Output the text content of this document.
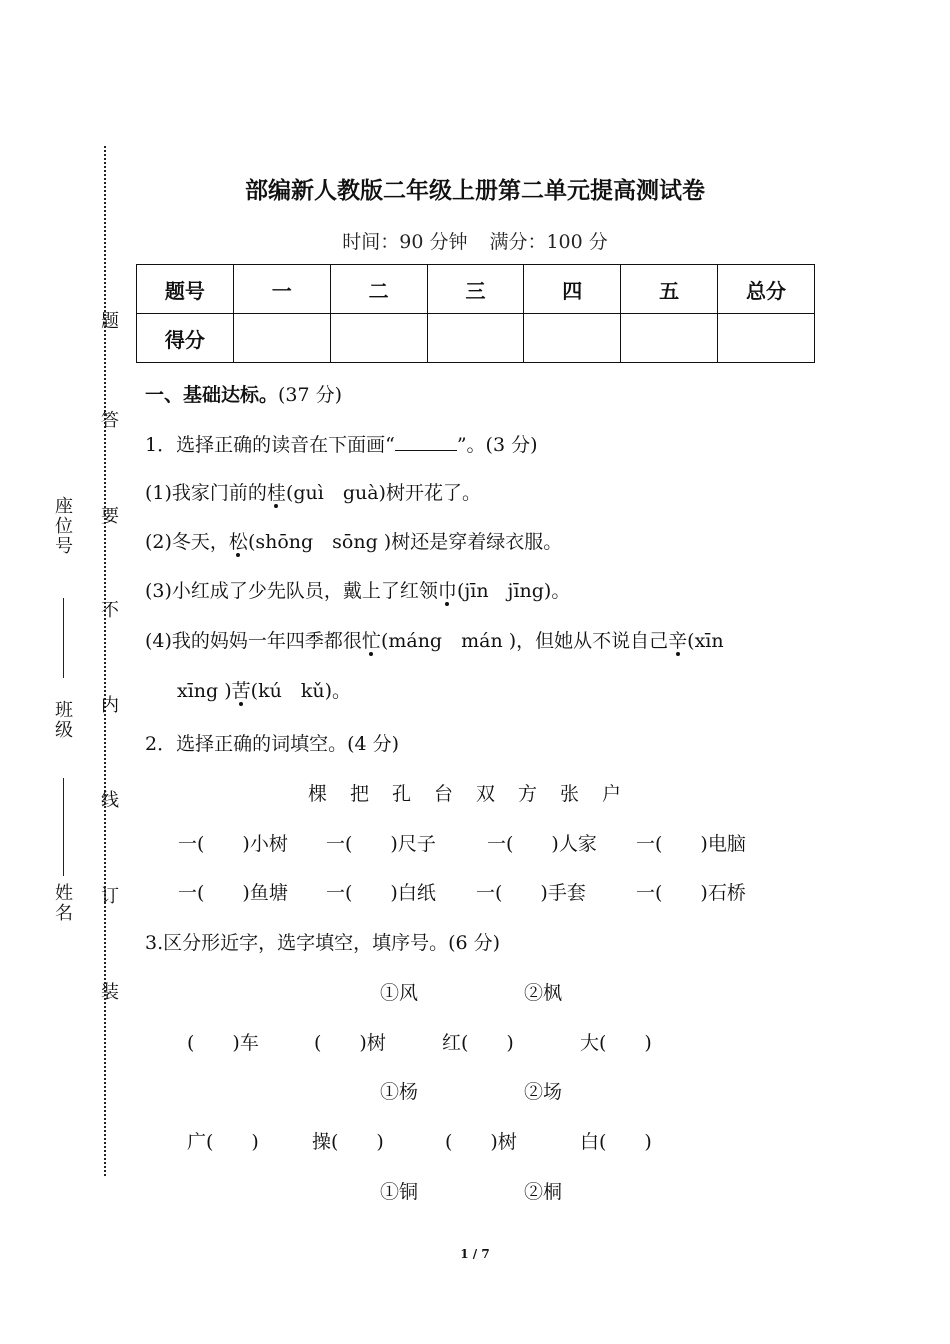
座
位
号
班
级
姓
名
题
答
要
不
内
线
订
装
部编新人教版二年级上册第二单元提高测试卷
时间：90 分钟 满分：100 分
题号	一	二	三	四	五	总分
得分						
一、基础达标。(37 分)
1．选择正确的读音在下面画“	”。(3 分)
(1)我家门前的桂(guì　guà)树开花了。
(2)冬天，松(shōng　sōng )树还是穿着绿衣服。
(3)小红成了少先队员，戴上了红领巾(jīn　jīng)。
(4)我的妈妈一年四季都很忙(máng　mán )，但她从不说自己辛(xīn
xīng )苦(kú　kǔ)。
2．选择正确的词填空。(4 分)
棵　把　孔　台　双　方　张　户
一(　　)小树 一(　　)尺子	一(　　)人家 一(　　)电脑
一(　　)鱼塘 一(　　)白纸 一(　　)手套	一(　　)石桥
3.区分形近字，选字填空，填序号。(6 分)
①风	②枫
(　　)车	(　　)树	红(　　)	大(　　)
①杨	②场
广(　　)	操(　　)	(　　)树	白(　　)
①铜	②桐
1 / 7
